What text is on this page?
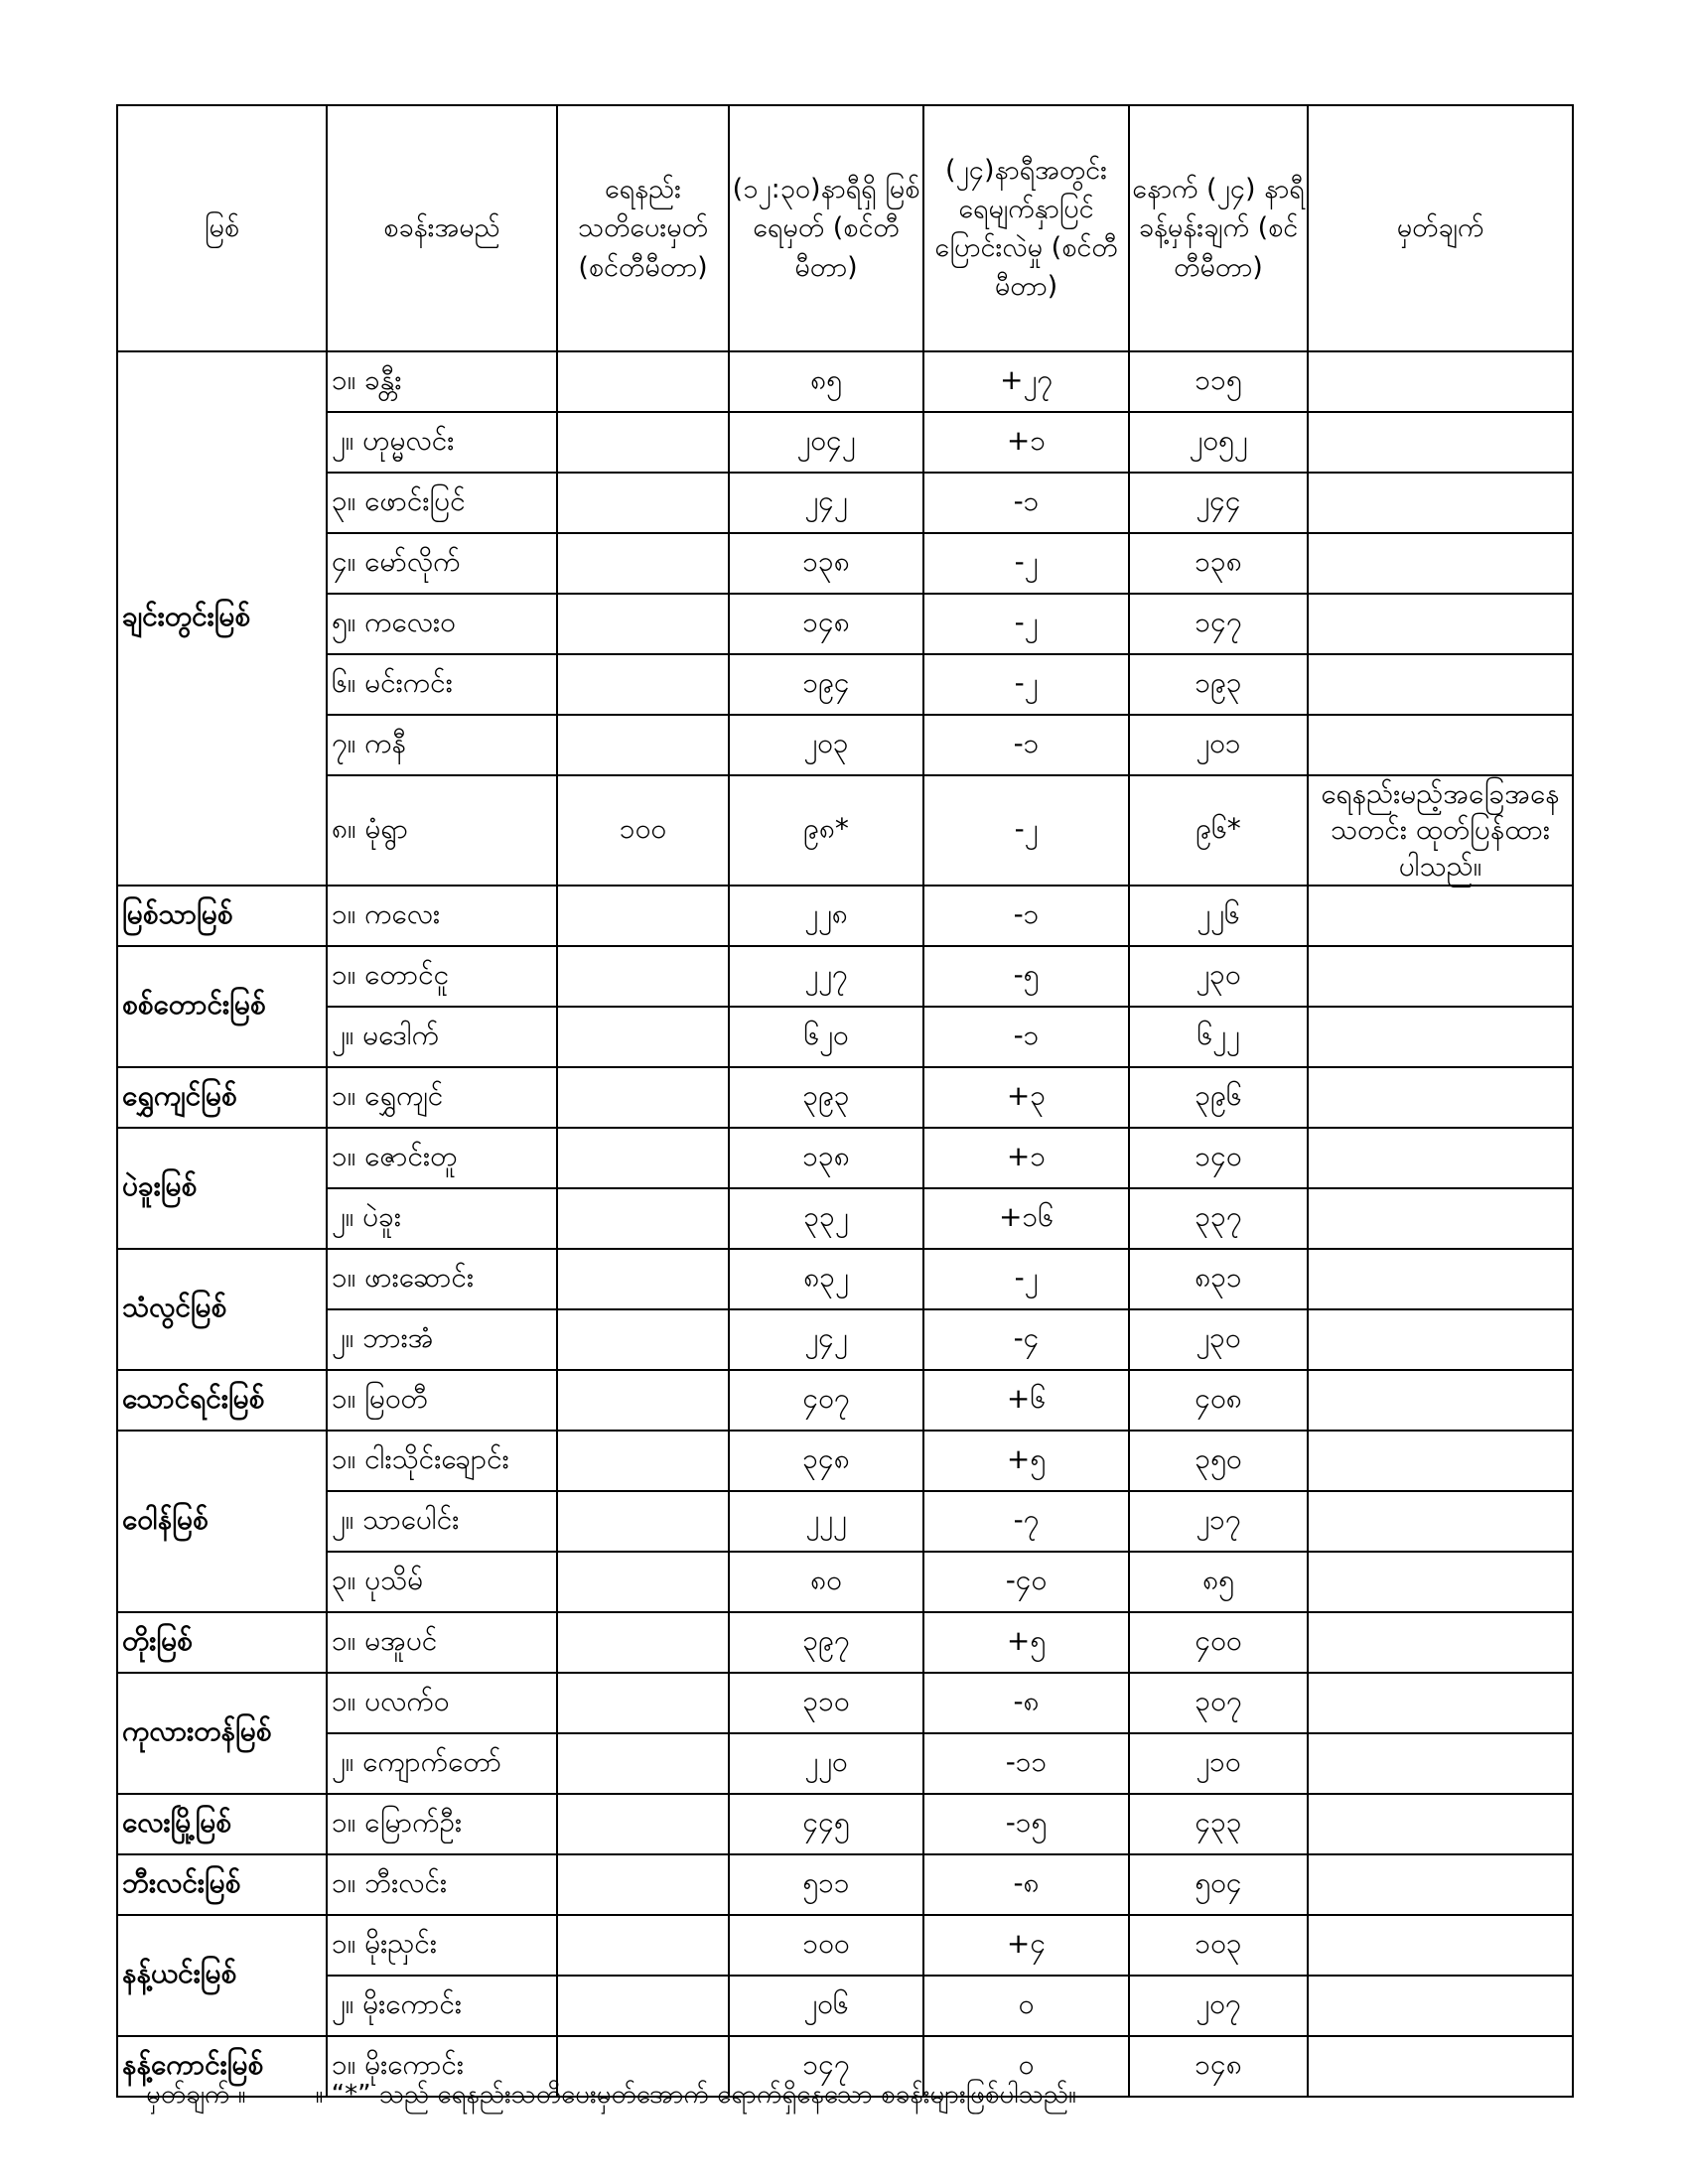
မြစ်	စခန်းအမည်	ရေနည်း သတိပေးမှတ် (စင်တီမီတာ)	(၁၂:၃၀)နာရီရှိ မြစ်ရေမှတ် (စင်တီမီတာ)	(၂၄)နာရီအတွင်း ရေမျက်နှာပြင် ပြောင်းလဲမှု (စင်တီမီတာ)	နောက် (၂၄) နာရီ ခန့်မှန်းချက် (စင်တီမီတာ)	မှတ်ချက်
ချင်းတွင်းမြစ်	၁။ ခန္တီး		၈၅	+၂၇	၁၁၅	
	၂။ ဟုမ္မလင်း		၂၀၄၂	+၁	၂၀၅၂	
	၃။ ဖောင်းပြင်		၂၄၂	-၁	၂၄၄	
	၄။ မော်လိုက်		၁၃၈	-၂	၁၃၈	
	၅။ ကလေးဝ		၁၄၈	-၂	၁၄၇	
	၆။ မင်းကင်း		၁၉၄	-၂	၁၉၃	
	၇။ ကနီ		၂၀၃	-၁	၂၀၁	
	၈။ မုံရွာ	၁၀၀	၉၈*	-၂	၉၆*	ရေနည်းမည့်အခြေအနေသတင်း ထုတ်ပြန်ထားပါသည်။
မြစ်သာမြစ်	၁။ ကလေး		၂၂၈	-၁	၂၂၆	
စစ်တောင်းမြစ်	၁။ တောင်ငူ		၂၂၇	-၅	၂၃၀	
	၂။ မဒေါက်		၆၂၀	-၁	၆၂၂	
ရွှေကျင်မြစ်	၁။ ရွှေကျင်		၃၉၃	+၃	၃၉၆	
ပဲခူးမြစ်	၁။ ဇောင်းတူ		၁၃၈	+၁	၁၄၀	
	၂။ ပဲခူး		၃၃၂	+၁၆	၃၃၇	
သံလွင်မြစ်	၁။ ဖားဆောင်း		၈၃၂	-၂	၈၃၁	
	၂။ ဘားအံ		၂၄၂	-၄	၂၃၀	
သောင်ရင်းမြစ်	၁။ မြဝတီ		၄၀၇	+၆	၄၀၈	
ဝေါန်မြစ်	၁။ ငါးသိုင်းချောင်း		၃၄၈	+၅	၃၅၀	
	၂။ သာပေါင်း		၂၂၂	-၇	၂၁၇	
	၃။ ပုသိမ်		၈၀	-၄၀	၈၅	
တိုးမြစ်	၁။ မအူပင်		၃၉၇	+၅	၄၀၀	
ကုလားတန်မြစ်	၁။ ပလက်ဝ		၃၁၀	-၈	၃၀၇	
	၂။ ကျောက်တော်		၂၂၀	-၁၁	၂၁၀	
လေးမြို့မြစ်	၁။ မြောက်ဦး		၄၄၅	-၁၅	၄၃၃	
ဘီးလင်းမြစ်	၁။ ဘီးလင်း		၅၁၁	-၈	၅၀၄	
နန့်ယင်းမြစ်	၁။ မိုးညှင်း		၁၀၀	+၄	၁၀၃	
	၂။ မိုးကောင်း		၂၀၆	၀	၂၀၇	
နန့်ကောင်းမြစ်	၁။ မိုးကောင်း		၁၄၇	၀	၁၄၈	
မှတ်ချက် ။	။ “*” သည် ရေနည်းသတိပေးမှတ်အောက် ရောက်ရှိနေသော စခန်းများဖြစ်ပါသည်။
